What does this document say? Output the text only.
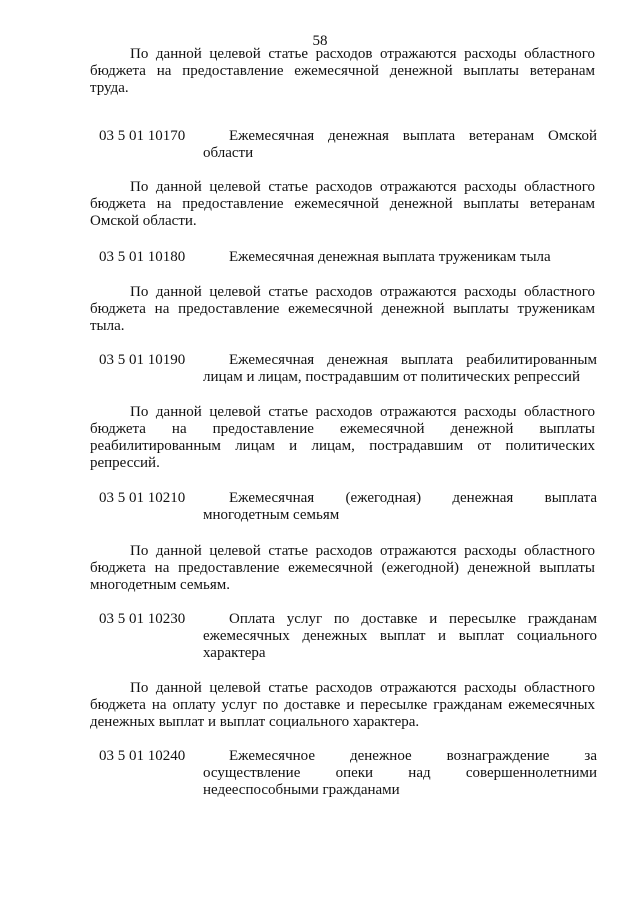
58
По данной целевой статье расходов отражаются расходы областного бюджета на предоставление ежемесячной денежной выплаты ветеранам труда.
03 5 01 10170	Ежемесячная денежная выплата ветеранам Омской области
По данной целевой статье расходов отражаются расходы областного бюджета на предоставление ежемесячной денежной выплаты ветеранам Омской области.
03 5 01 10180	Ежемесячная денежная выплата труженикам тыла
По данной целевой статье расходов отражаются расходы областного бюджета на предоставление ежемесячной денежной выплаты труженикам тыла.
03 5 01 10190	Ежемесячная денежная выплата реабилитированным лицам и лицам, пострадавшим от политических репрессий
По данной целевой статье расходов отражаются расходы областного бюджета на предоставление ежемесячной денежной выплаты реабилитированным лицам и лицам, пострадавшим от политических репрессий.
03 5 01 10210	Ежемесячная (ежегодная) денежная выплата многодетным семьям
По данной целевой статье расходов отражаются расходы областного бюджета на предоставление ежемесячной (ежегодной) денежной выплаты многодетным семьям.
03 5 01 10230	Оплата услуг по доставке и пересылке гражданам ежемесячных денежных выплат и выплат социального характера
По данной целевой статье расходов отражаются расходы областного бюджета на оплату услуг по доставке и пересылке гражданам ежемесячных денежных выплат и выплат социального характера.
03 5 01 10240	Ежемесячное денежное вознаграждение за осуществление опеки над совершеннолетними недееспособными гражданами
